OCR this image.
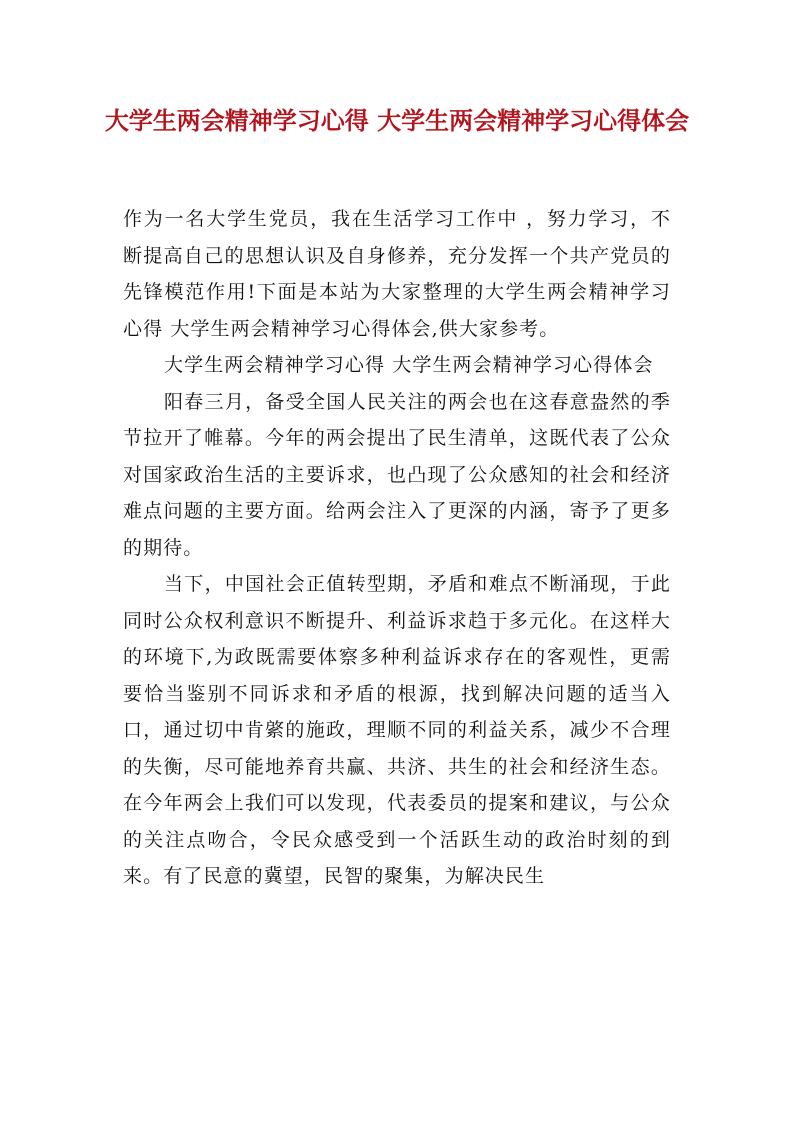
大学生两会精神学习心得 大学生两会精神学习心得体会

作为一名大学生党员，我在生活学习工作中 ，努力学习，不断提高自己的思想认识及自身修养，充分发挥一个共产党员的先锋模范作用!下面是本站为大家整理的大学生两会精神学习心得 大学生两会精神学习心得体会,供大家参考。

大学生两会精神学习心得 大学生两会精神学习心得体会

阳春三月，备受全国人民关注的两会也在这春意盎然的季节拉开了帷幕。今年的两会提出了民生清单，这既代表了公众对国家政治生活的主要诉求，也凸现了公众感知的社会和经济难点问题的主要方面。给两会注入了更深的内涵，寄予了更多的期待。

当下，中国社会正值转型期，矛盾和难点不断涌现，于此同时公众权利意识不断提升、利益诉求趋于多元化。在这样大的环境下,为政既需要体察多种利益诉求存在的客观性，更需要恰当鉴别不同诉求和矛盾的根源，找到解决问题的适当入口，通过切中肯綮的施政，理顺不同的利益关系，减少不合理的失衡，尽可能地养育共赢、共济、共生的社会和经济生态。在今年两会上我们可以发现，代表委员的提案和建议，与公众的关注点吻合，令民众感受到一个活跃生动的政治时刻的到来。有了民意的冀望，民智的聚集，为解决民生
